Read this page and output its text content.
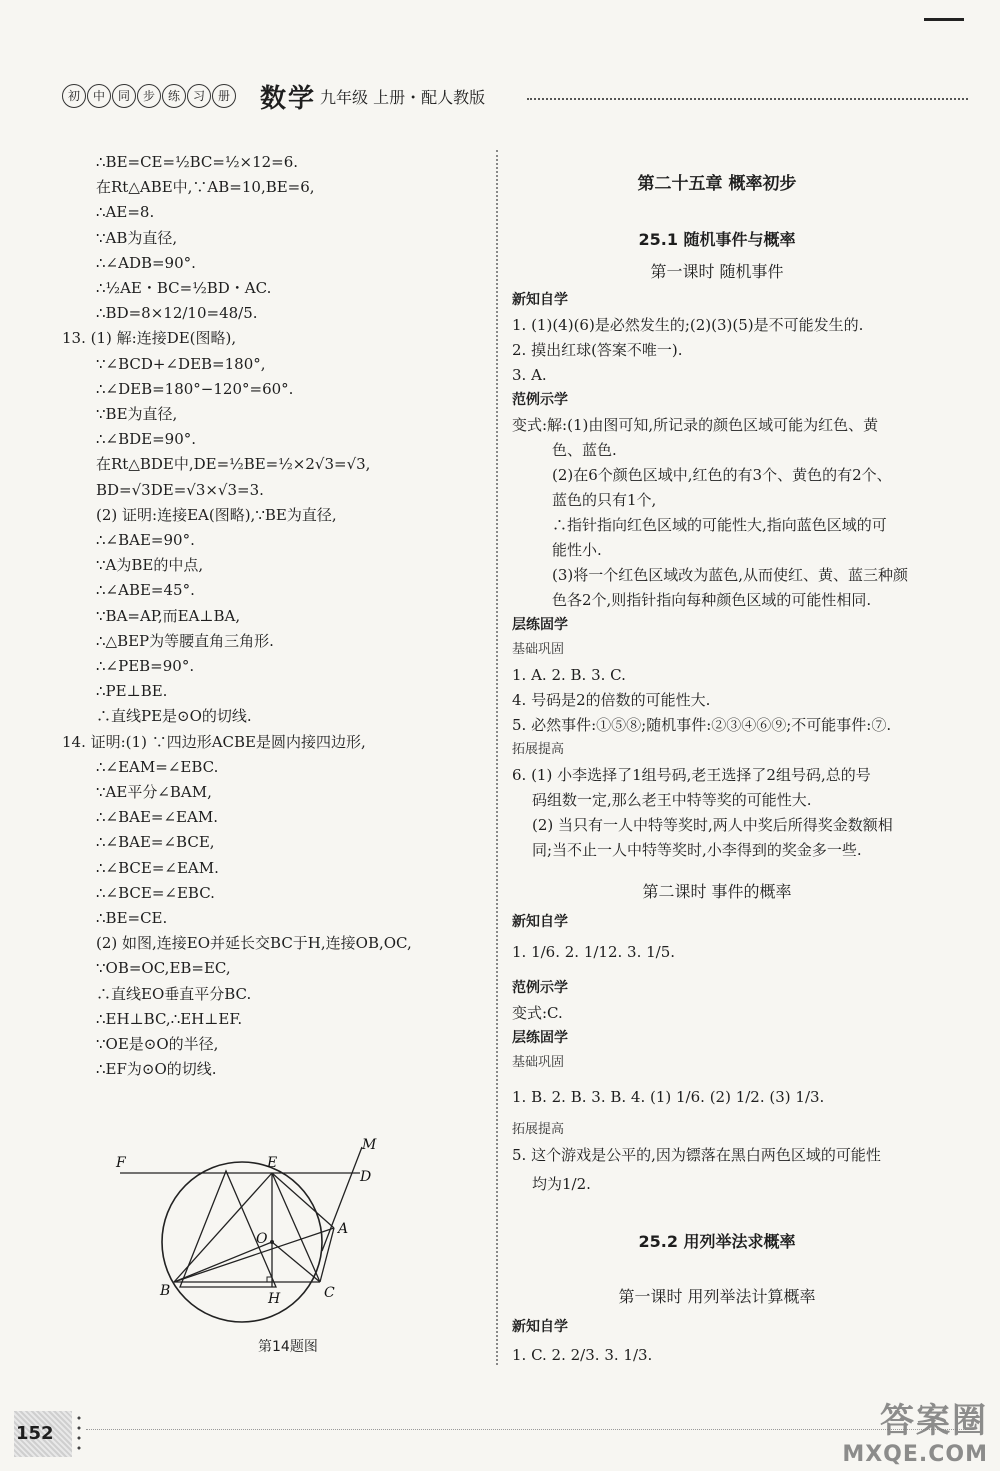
初	中	同	步	练	习	册 数学 九年级 上册・配人教版
∴BE=CE=½BC=½×12=6.
在Rt△ABE中,∵AB=10,BE=6,
∴AE=8.
∵AB为直径,
∴∠ADB=90°.
∴½AE・BC=½BD・AC.
∴BD=8×12/10=48/5.
13. (1) 解:连接DE(图略),
∵∠BCD+∠DEB=180°,
∴∠DEB=180°−120°=60°.
∵BE为直径,
∴∠BDE=90°.
在Rt△BDE中,DE=½BE=½×2√3=√3,
BD=√3DE=√3×√3=3.
(2) 证明:连接EA(图略),∵BE为直径,
∴∠BAE=90°.
∵A为BE的中点,
∴∠ABE=45°.
∵BA=AP,而EA⊥BA,
∴△BEP为等腰直角三角形.
∴∠PEB=90°.
∴PE⊥BE.
∴直线PE是⊙O的切线.
14. 证明:(1) ∵四边形ACBE是圆内接四边形,
∴∠EAM=∠EBC.
∵AE平分∠BAM,
∴∠BAE=∠EAM.
∴∠BAE=∠BCE,
∴∠BCE=∠EAM.
∴∠BCE=∠EBC.
∴BE=CE.
(2) 如图,连接EO并延长交BC于H,连接OB,OC,
∵OB=OC,EB=EC,
∴直线EO垂直平分BC.
∴EH⊥BC,∴EH⊥EF.
∵OE是⊙O的半径,
∴EF为⊙O的切线.
第二十五章 概率初步
25.1 随机事件与概率
第一课时 随机事件
新知自学
1. (1)(4)(6)是必然发生的;(2)(3)(5)是不可能发生的.
2. 摸出红球(答案不唯一).
3. A.
范例示学
变式:解:(1)由图可知,所记录的颜色区域可能为红色、黄
色、蓝色.
(2)在6个颜色区域中,红色的有3个、黄色的有2个、
蓝色的只有1个,
∴指针指向红色区域的可能性大,指向蓝色区域的可
能性小.
(3)将一个红色区域改为蓝色,从而使红、黄、蓝三种颜
色各2个,则指针指向每种颜色区域的可能性相同.
层练固学
基础巩固
1. A. 2. B. 3. C.
4. 号码是2的倍数的可能性大.
5. 必然事件:①⑤⑧;随机事件:②③④⑥⑨;不可能事件:⑦.
拓展提高
6. (1) 小李选择了1组号码,老王选择了2组号码,总的号
码组数一定,那么老王中特等奖的可能性大.
(2) 当只有一人中特等奖时,两人中奖后所得奖金数额相
同;当不止一人中特等奖时,小李得到的奖金多一些.
第二课时 事件的概率
新知自学
1. 1/6. 2. 1/12. 3. 1/5.
范例示学
变式:C.
层练固学
基础巩固
1. B. 2. B. 3. B. 4. (1) 1/6. (2) 1/2. (3) 1/3.
拓展提高
5. 这个游戏是公平的,因为镖落在黑白两色区域的可能性
均为1/2.
25.2 用列举法求概率
第一课时 用列举法计算概率
新知自学
1. C. 2. 2/3. 3. 1/3.
F	E
M
D
O
A
B	H	C
第14题图
152	答案圈
MXQE.COM
